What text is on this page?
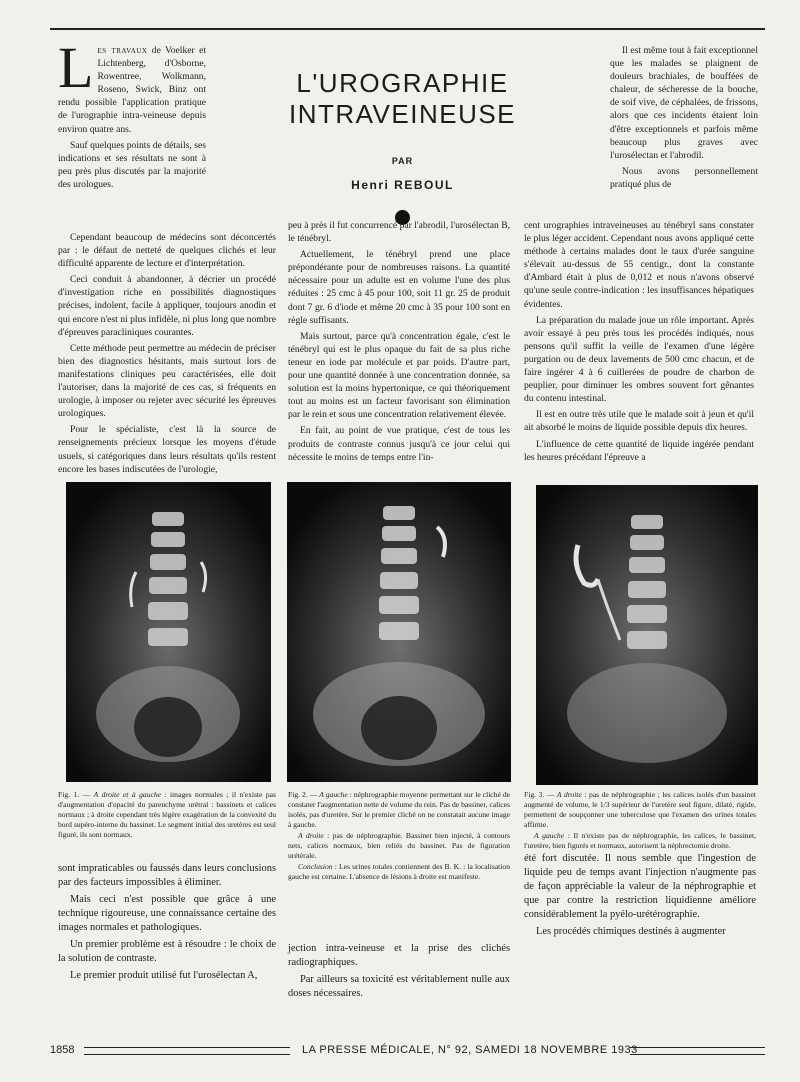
Les travaux de Voelker et Lichtenberg, d'Osborne, Rowentree, Wolkmann, Roseno, Swick, Binz ont rendu possible l'application pratique de l'urographie intra-veineuse depuis environ quatre ans.

Sauf quelques points de détails, ses indications et ses résultats ne sont à peu près plus discutés par la majorité des urologues.

L'UROGRAPHIE INTRAVEINEUSE
PAR
Henri REBOUL

Il est même tout à fait exceptionnel que les malades se plaignent de douleurs brachiales, de bouffées de chaleur, de sécheresse de la bouche, de soif vive, de céphalées, de frissons, alors que ces incidents étaient loin d'être exceptionnels et parfois même beaucoup plus graves avec l'urosélectan et l'abrodil.

Nous avons personnellement pratiqué plus de

Cependant beaucoup de médecins sont déconcertés par : le défaut de netteté de quelques clichés et leur difficulté apparente de lecture et d'interprétation.

Ceci conduit à abandonner, à décrier un procédé d'investigation riche en possibilités diagnostiques précises, indolent, facile à appliquer, toujours anodin et qui encore n'est ni plus infidèle, ni plus long que nombre d'épreuves paracliniques courantes.

Cette méthode peut permettre au médecin de préciser bien des diagnostics hésitants, mais surtout lors de manifestations cliniques peu caractérisées, elle doit l'autoriser, dans la majorité de ces cas, si fréquents en urologie, à imposer ou rejeter avec sécurité les épreuves urologiques.

Pour le spécialiste, c'est là la source de renseignements précieux lorsque les moyens d'étude usuels, si catégoriques dans leurs résultats qu'ils restent encore les bases indiscutées de l'urologie,

peu à près il fut concurrencé par l'abrodil, l'urosélectan B, le ténébryl.

Actuellement, le ténébryl prend une place prépondérante pour de nombreuses raisons. La quantité nécessaire pour un adulte est en volume l'une des plus réduites : 25 cmc à 45 pour 100, soit 11 gr. 25 de produit dont 7 gr. 6 d'iode et même 20 cmc à 35 pour 100 sont en règle suffisants.

Mais surtout, parce qu'à concentration égale, c'est le ténébryl qui est le plus opaque du fait de sa plus riche teneur en iode par molécule et par poids. D'autre part, pour une quantité donnée à une concentration donnée, sa solution est la moins hypertonique, ce qui théoriquement tout au moins est un facteur favorisant son élimination par le rein et sous une concentration relativement élevée.

En fait, au point de vue pratique, c'est de tous les produits de contraste connus jusqu'à ce jour celui qui nécessite le moins de temps entre l'in-

cent urographies intraveineuses au ténébryl sans constater le plus léger accident. Cependant nous avons appliqué cette méthode à certains malades dont le taux d'urée sanguine s'élevait au-dessus de 55 centigr., dont la constante d'Ambard était à plus de 0,012 et nous n'avons observé qu'une seule contre-indication : les insuffisances hépatiques évidentes.

La préparation du malade joue un rôle important. Après avoir essayé à peu près tous les procédés indiqués, nous pensons qu'il suffit la veille de l'examen d'une légère purgation ou de deux lavements de 500 cmc chacun, et de faire ingérer 4 à 6 cuillerées de poudre de charbon de peuplier, pour diminuer les ombres souvent fort gênantes du contenu intestinal.

Il est en outre très utile que le malade soit à jeun et qu'il ait absorbé le moins de liquide possible depuis dix heures.

L'influence de cette quantité de liquide ingérée pendant les heures précédant l'épreuve a

Fig. 1. — A droite et à gauche : images normales ; il n'existe pas d'augmentation d'opacité du parenchyme urétral : bassinets et calices normaux ; à droite cependant très légère exagération de la convexité du bord supéro-interne du bassinet. Le segment initial des uretères est seul figuré, ils sont normaux.

Fig. 2. — A gauche : néphrographie moyenne permettant sur le cliché de constater l'augmentation nette de volume du rein. Pas de bassinet, calices isolés, pas d'uretère. Sur le premier cliché on ne constatait aucune image à gauche.

A droite : pas de néphrographie. Bassinet bien injecté, à contours nets, calices normaux, bien reliés du bassinet. Pas de figuration urétérale.

Conclusion : Les urines totales contiennent des B. K. : la localisation gauche est certaine. L'absence de lésions à droite est manifeste.

Fig. 3. — A droite : pas de néphrographie ; les calices isolés d'un bassinet augmenté de volume, le 1/3 supérieur de l'uretère seul figure, dilaté, rigide, permettent de soupçonner une tuberculose que l'examen des urines totales affirme.

A gauche : Il n'existe pas de néphrographie, les calices, le bassinet, l'uretère, bien figurés et normaux, autorisent la néphrectomie droite.

sont impraticables ou faussés dans leurs conclusions par des facteurs impossibles à éliminer.

Mais ceci n'est possible que grâce à une technique rigoureuse, une connaissance certaine des images normales et pathologiques.

Un premier problème est à résoudre : le choix de la solution de contraste.

Le premier produit utilisé fut l'urosélectan A,

jection intra-veineuse et la prise des clichés radiographiques.

Par ailleurs sa toxicité est véritablement nulle aux doses nécessaires.

été fort discutée. Il nous semble que l'ingestion de liquide peu de temps avant l'injection n'augmente pas de façon appréciable la valeur de la néphrographie et que par contre la restriction liquidienne améliore considérablement la pyélo-urétérographie.

Les procédés chimiques destinés à augmenter

1858	LA PRESSE MÉDICALE, N° 92, SAMEDI 18 NOVEMBRE 1933
